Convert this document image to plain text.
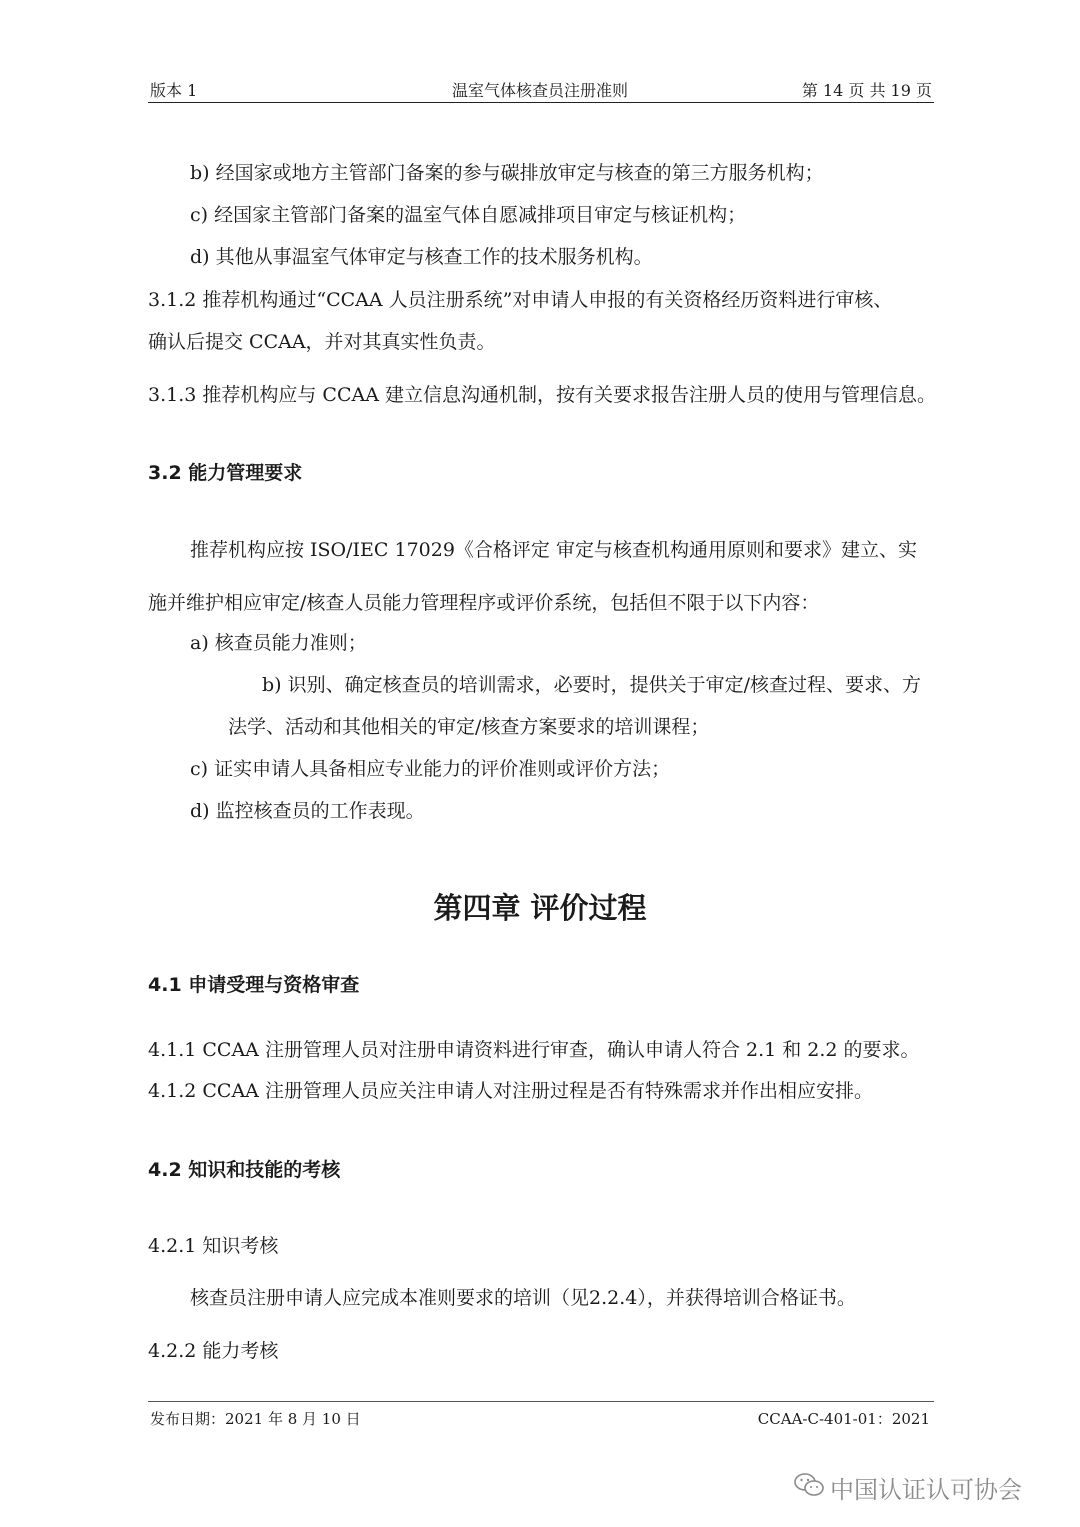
版本 1	温室气体核查员注册准则	第 14 页 共 19 页
b) 经国家或地方主管部门备案的参与碳排放审定与核查的第三方服务机构；
c) 经国家主管部门备案的温室气体自愿减排项目审定与核证机构；
d) 其他从事温室气体审定与核查工作的技术服务机构。
3.1.2 推荐机构通过“CCAA 人员注册系统”对申请人申报的有关资格经历资料进行审核、
确认后提交 CCAA，并对其真实性负责。
3.1.3 推荐机构应与 CCAA 建立信息沟通机制，按有关要求报告注册人员的使用与管理信息。
3.2 能力管理要求
推荐机构应按 ISO/IEC 17029《合格评定 审定与核查机构通用原则和要求》建立、实
施并维护相应审定/核查人员能力管理程序或评价系统，包括但不限于以下内容：
a) 核查员能力准则；
b) 识别、确定核查员的培训需求，必要时，提供关于审定/核查过程、要求、方
法学、活动和其他相关的审定/核查方案要求的培训课程；
c) 证实申请人具备相应专业能力的评价准则或评价方法；
d) 监控核查员的工作表现。
第四章 评价过程
4.1 申请受理与资格审查
4.1.1 CCAA 注册管理人员对注册申请资料进行审查，确认申请人符合 2.1 和 2.2 的要求。
4.1.2 CCAA 注册管理人员应关注申请人对注册过程是否有特殊需求并作出相应安排。
4.2 知识和技能的考核
4.2.1 知识考核
核查员注册申请人应完成本准则要求的培训（见2.2.4），并获得培训合格证书。
4.2.2 能力考核
发布日期：2021 年 8 月 10 日	CCAA-C-401-01：2021
中国认证认可协会
